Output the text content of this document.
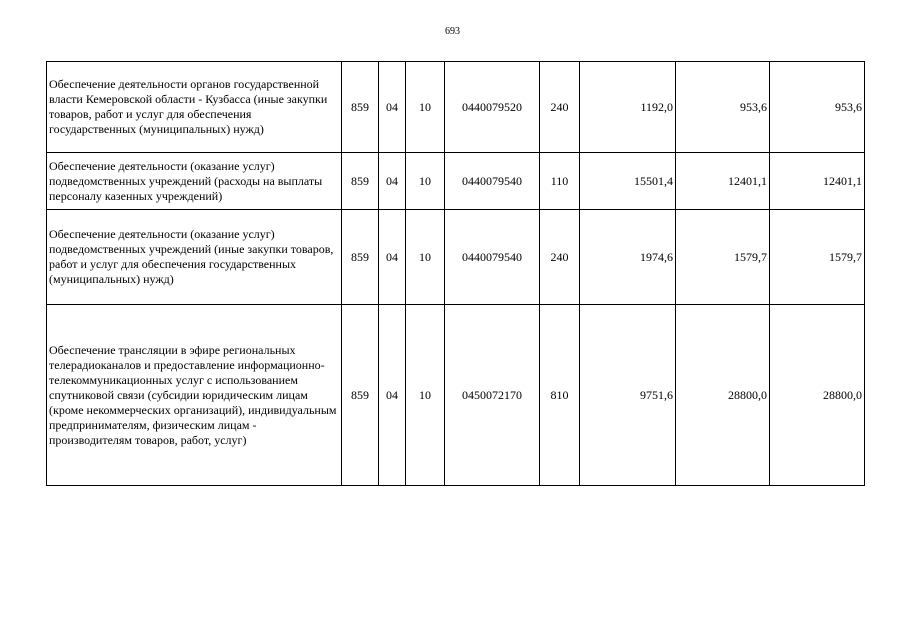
693
Обеспечение деятельности органов государственной власти Кемеровской области - Кузбасса (иные закупки товаров, работ и услуг для обеспечения государственных (муниципальных) нужд)	859	04	10	0440079520	240	1192,0	953,6	953,6
Обеспечение деятельности (оказание услуг) подведомственных учреждений (расходы на выплаты персоналу казенных учреждений)	859	04	10	0440079540	110	15501,4	12401,1	12401,1
Обеспечение деятельности (оказание услуг) подведомственных учреждений (иные закупки товаров, работ и услуг для обеспечения государственных (муниципальных) нужд)	859	04	10	0440079540	240	1974,6	1579,7	1579,7
Обеспечение трансляции в эфире региональных телерадиоканалов и предоставление информационно-телекоммуникационных услуг с использованием спутниковой связи (субсидии юридическим лицам (кроме некоммерческих организаций), индивидуальным предпринимателям, физическим лицам - производителям товаров, работ, услуг)	859	04	10	0450072170	810	9751,6	28800,0	28800,0
